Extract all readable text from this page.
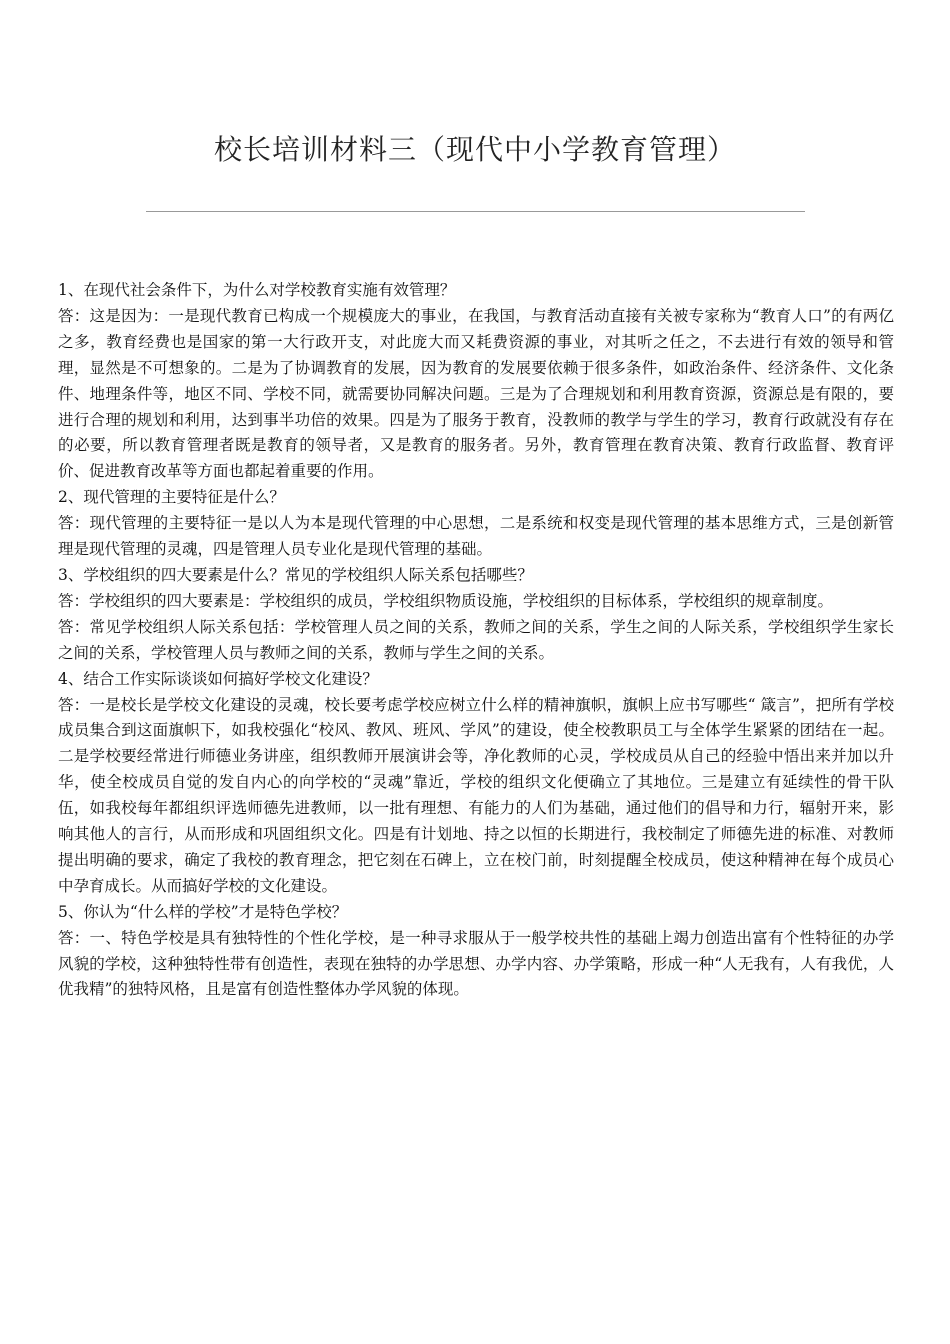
校长培训材料三（现代中小学教育管理）

1、在现代社会条件下，为什么对学校教育实施有效管理？

答：这是因为：一是现代教育已构成一个规模庞大的事业，在我国，与教育活动直接有关被专家称为“教育人口”的有两亿之多，教育经费也是国家的第一大行政开支，对此庞大而又耗费资源的事业，对其听之任之，不去进行有效的领导和管理，显然是不可想象的。二是为了协调教育的发展，因为教育的发展要依赖于很多条件，如政治条件、经济条件、文化条件、地理条件等，地区不同、学校不同，就需要协同解决问题。三是为了合理规划和利用教育资源，资源总是有限的，要进行合理的规划和利用，达到事半功倍的效果。四是为了服务于教育，没教师的教学与学生的学习，教育行政就没有存在的必要，所以教育管理者既是教育的领导者，又是教育的服务者。另外，教育管理在教育决策、教育行政监督、教育评价、促进教育改革等方面也都起着重要的作用。

2、现代管理的主要特征是什么？

答：现代管理的主要特征一是以人为本是现代管理的中心思想，二是系统和权变是现代管理的基本思维方式，三是创新管理是现代管理的灵魂，四是管理人员专业化是现代管理的基础。

3、学校组织的四大要素是什么？常见的学校组织人际关系包括哪些？

答：学校组织的四大要素是：学校组织的成员，学校组织物质设施，学校组织的目标体系，学校组织的规章制度。

答：常见学校组织人际关系包括：学校管理人员之间的关系，教师之间的关系，学生之间的人际关系，学校组织学生家长之间的关系，学校管理人员与教师之间的关系，教师与学生之间的关系。

4、结合工作实际谈谈如何搞好学校文化建设？

答：一是校长是学校文化建设的灵魂，校长要考虑学校应树立什么样的精神旗帜，旗帜上应书写哪些“ 箴言”，把所有学校成员集合到这面旗帜下，如我校强化“校风、教风、班风、学风”的建设，使全校教职员工与全体学生紧紧的团结在一起。二是学校要经常进行师德业务讲座，组织教师开展演讲会等，净化教师的心灵，学校成员从自己的经验中悟出来并加以升华，使全校成员自觉的发自内心的向学校的“灵魂”靠近，学校的组织文化便确立了其地位。三是建立有延续性的骨干队伍，如我校每年都组织评选师德先进教师，以一批有理想、有能力的人们为基础，通过他们的倡导和力行，辐射开来，影响其他人的言行，从而形成和巩固组织文化。四是有计划地、持之以恒的长期进行，我校制定了师德先进的标准、对教师提出明确的要求，确定了我校的教育理念，把它刻在石碑上，立在校门前，时刻提醒全校成员，使这种精神在每个成员心中孕育成长。从而搞好学校的文化建设。

5、你认为“什么样的学校”才是特色学校？

答：一、特色学校是具有独特性的个性化学校，是一种寻求服从于一般学校共性的基础上竭力创造出富有个性特征的办学风貌的学校，这种独特性带有创造性，表现在独特的办学思想、办学内容、办学策略，形成一种“人无我有，人有我优，人优我精”的独特风格，且是富有创造性整体办学风貌的体现。
